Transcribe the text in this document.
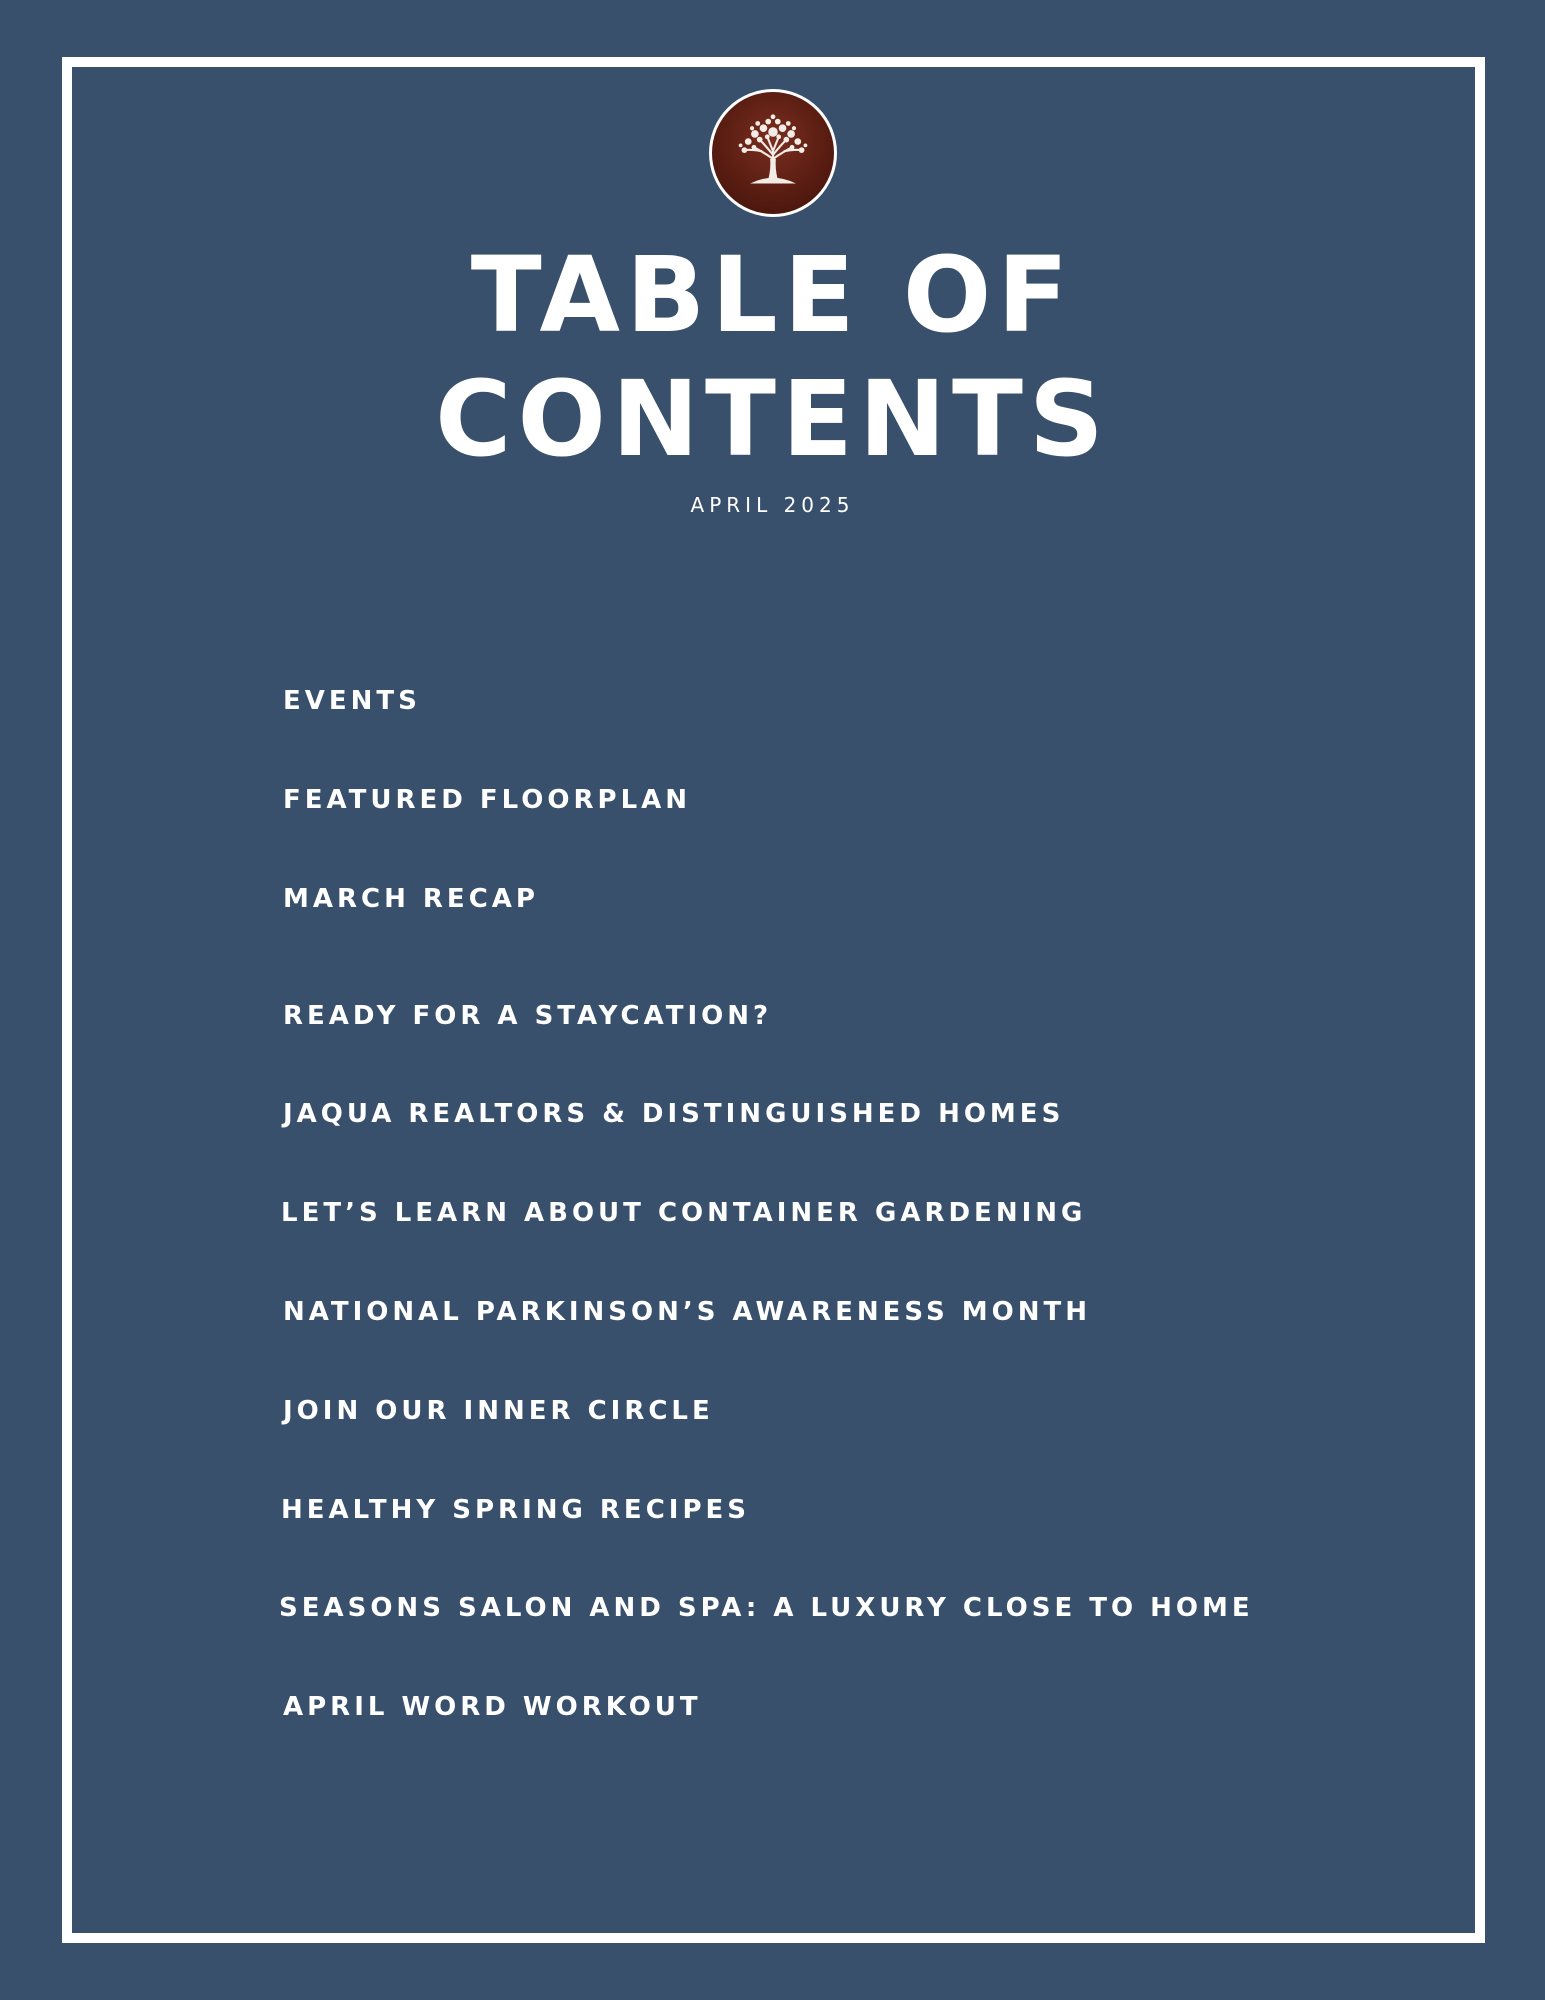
TABLE OF
CONTENTS
APRIL 2025
EVENTS
FEATURED FLOORPLAN
MARCH RECAP
READY FOR A STAYCATION?
JAQUA REALTORS & DISTINGUISHED HOMES
LET’S LEARN ABOUT CONTAINER GARDENING
NATIONAL PARKINSON’S AWARENESS MONTH
JOIN OUR INNER CIRCLE
HEALTHY SPRING RECIPES
SEASONS SALON AND SPA: A LUXURY CLOSE TO HOME
APRIL WORD WORKOUT
